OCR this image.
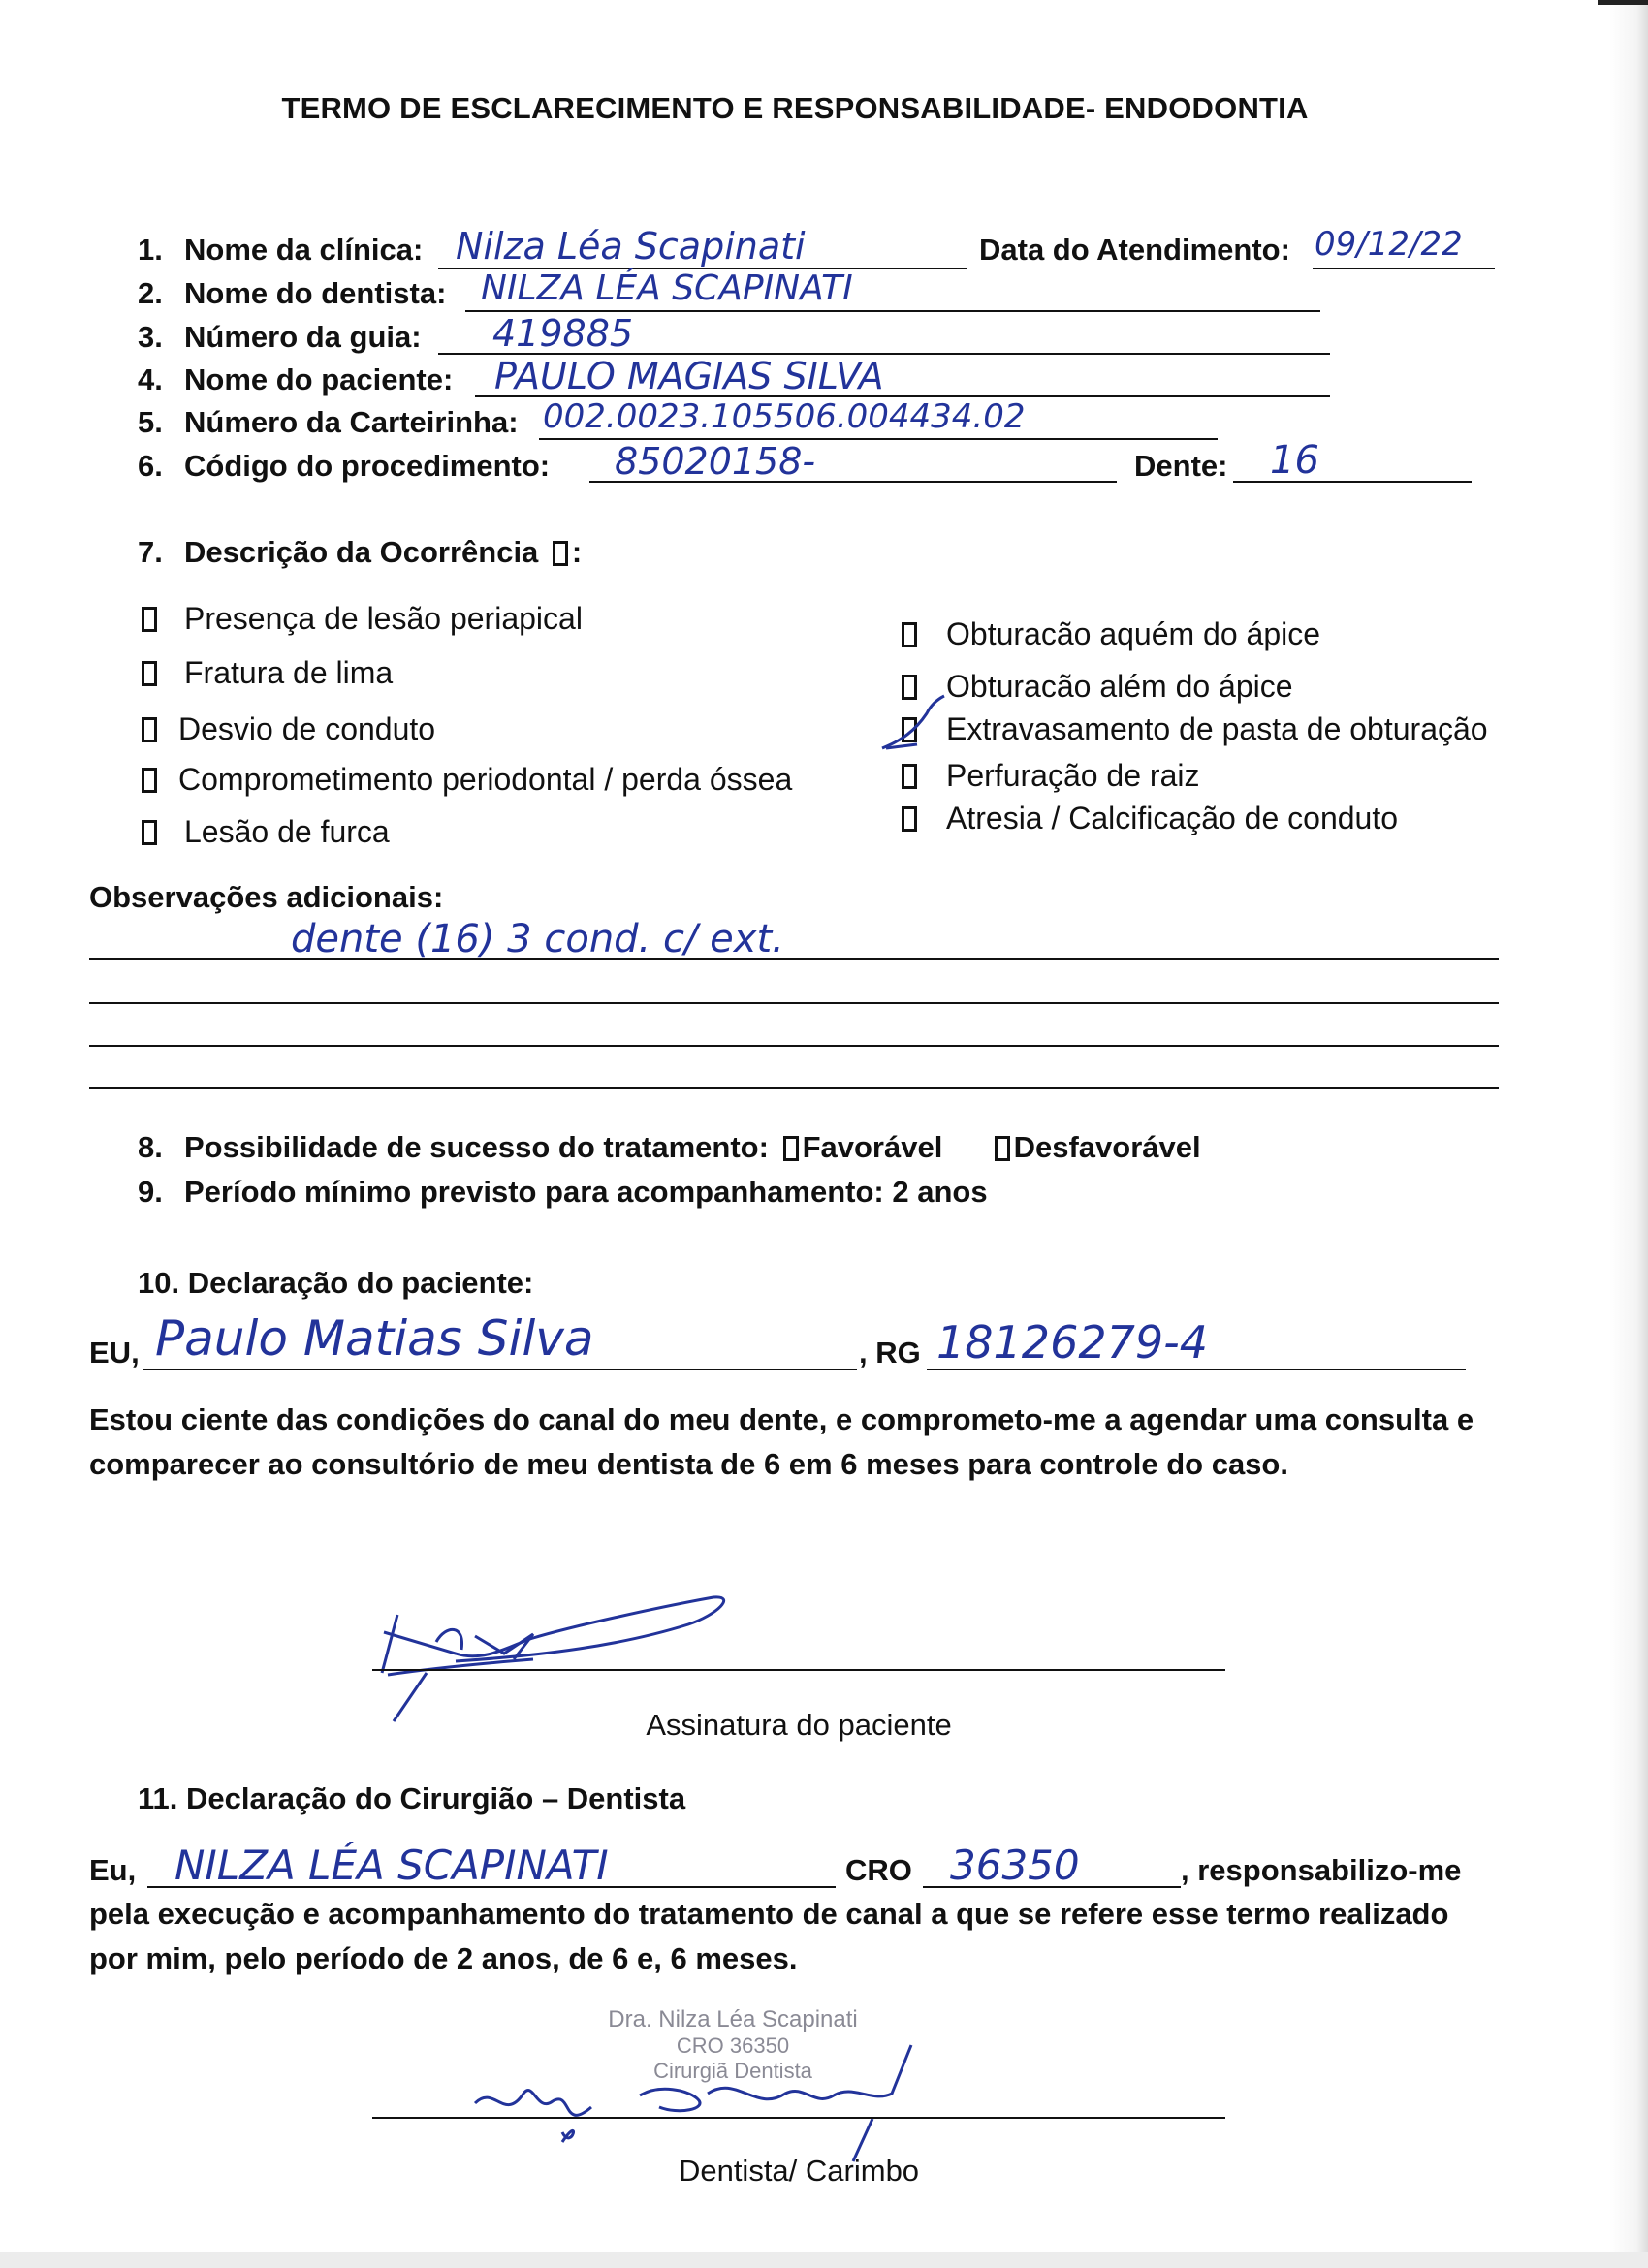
TERMO DE ESCLARECIMENTO E RESPONSABILIDADE- ENDODONTIA
1. Nome da clínica: Nilza Léa Scapinati	Data do Atendimento: 09/12/22
2. Nome do dentista: NILZA LÉA SCAPINATI
3. Número da guia: 419885
4. Nome do paciente: PAULO MAGIAS SILVA
5. Número da Carteirinha: 002.0023.105506.004434.02
6. Código do procedimento: 85020158-	Dente: 16
7. Descrição da Ocorrência :
Presença de lesão periapical
Fratura de lima
Desvio de conduto
Comprometimento periodontal / perda óssea
Lesão de furca
Obturacão aquém do ápice
Obturacão além do ápice
Extravasamento de pasta de obturação
Perfuração de raiz
Atresia / Calcificação de conduto
Observações adicionais:
dente (16) 3 cond. c/ ext.
8. Possibilidade de sucesso do tratamento: Favorável Desfavorável
9. Período mínimo previsto para acompanhamento: 2 anos
10. Declaração do paciente:
EU, Paulo Matias Silva	, RG 18126279-4
Estou ciente das condições do canal do meu dente, e comprometo-me a agendar uma consulta e comparecer ao consultório de meu dentista de 6 em 6 meses para controle do caso.
Assinatura do paciente
11. Declaração do Cirurgião – Dentista
Eu, NILZA LÉA SCAPINATI	CRO 36350	, responsabilizo-me
pela execução e acompanhamento do tratamento de canal a que se refere esse termo realizado por mim, pelo período de 2 anos, de 6 e, 6 meses.
Dra. Nilza Léa Scapinati
CRO 36350
Cirurgiã Dentista
Dentista/ Carimbo
